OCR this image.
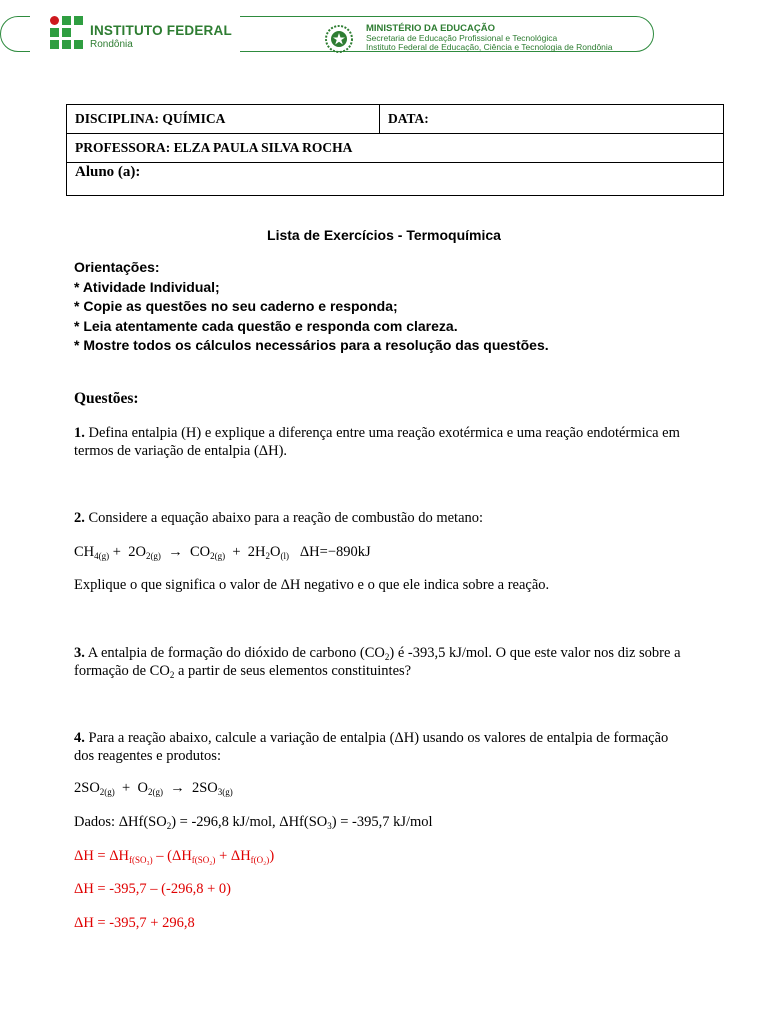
INSTITUTO FEDERAL
Rondônia
MINISTÉRIO DA EDUCAÇÃO
Secretaria de Educação Profissional e Tecnológica
Instituto Federal de Educação, Ciência e Tecnologia de Rondônia
DISCIPLINA: QUÍMICA	DATA:
PROFESSORA: ELZA PAULA SILVA ROCHA
Aluno (a):
Lista de Exercícios - Termoquímica
Orientações:
* Atividade Individual;
* Copie as questões no seu caderno e responda;
* Leia atentamente cada questão e responda com clareza.
* Mostre todos os cálculos necessários para a resolução das questões.
Questões:
1. Defina entalpia (H) e explique a diferença entre uma reação exotérmica e uma reação endotérmica em termos de variação de entalpia (ΔH).
2. Considere a equação abaixo para a reação de combustão do metano:
$CH_{4(g)} + 2O_{2(g)} \to CO_{2(g)} + 2H_2O_{(l)}$   ΔH=−890kJ
Explique o que significa o valor de ΔH negativo e o que ele indica sobre a reação.
3. A entalpia de formação do dióxido de carbono $(CO_2)$ é -393,5 kJ/mol. O que este valor nos diz sobre a formação de $CO_2$ a partir de seus elementos constituintes?
4. Para a reação abaixo, calcule a variação de entalpia (ΔH) usando os valores de entalpia de formação dos reagentes e produtos:
$2SO_{2(g)} + O_{2(g)} \to 2SO_{3(g)}$
Dados: $\Delta Hf(SO_2) = -296,8$ kJ/mol, $\Delta Hf(SO_3) = -395,7$ kJ/mol
$\Delta H = \Delta H_{f(SO_3)} - (\Delta H_{f(SO_2)} + \Delta H_{f(O_2)})$
ΔH = -395,7 – (-296,8 + 0)
ΔH = -395,7 + 296,8
